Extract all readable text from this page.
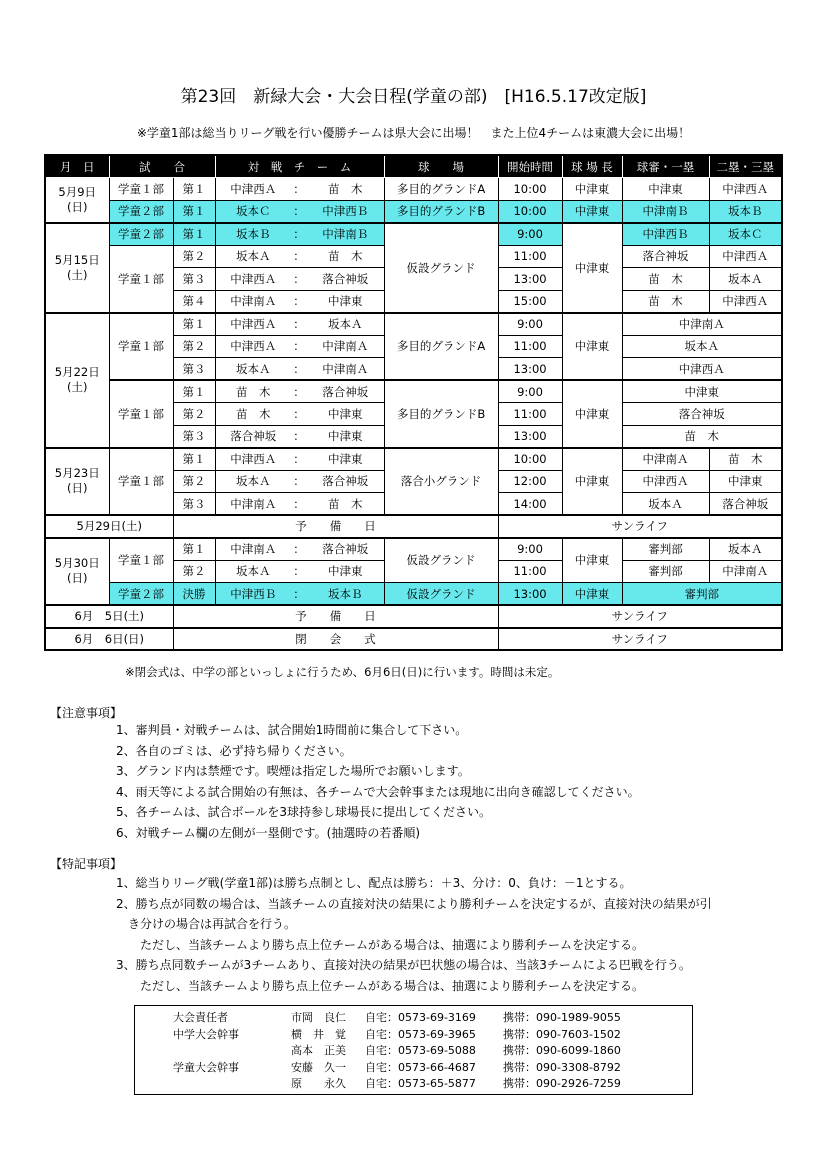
第23回　新緑大会・大会日程(学童の部)　[H16.5.17改定版]
※学童1部は総当りリーグ戦を行い優勝チームは県大会に出場！　また上位4チームは東濃大会に出場！
月　日	試　　合		対　戦　チ　ー　ム			球　　場	開始時間	球 場 長	球審・一塁	二塁・三塁
5月9日
(日)	学童１部	第１	中津西Ａ	：	苗　木	多目的グランドA	10:00	中津東	中津東	中津西Ａ
	学童２部	第１	坂本Ｃ	：	中津西Ｂ	多目的グランドB	10:00	中津東	中津南Ｂ	坂本Ｂ
5月15日
(土)	学童２部	第１	坂本Ｂ	：	中津南Ｂ	仮設グランド	9:00	中津東	中津西Ｂ	坂本Ｃ
	学童１部	第２	坂本Ａ	：	苗　木		11:00		落合神坂	中津西Ａ
		第３	中津西Ａ	：	落合神坂		13:00		苗　木	坂本Ａ
		第４	中津南Ａ	：	中津東		15:00		苗　木	中津西Ａ
5月22日
(土)	学童１部	第１	中津西Ａ	：	坂本Ａ	多目的グランドA	9:00	中津東	中津南Ａ	
		第２	中津西Ａ	：	中津南Ａ		11:00		坂本Ａ	
		第３	坂本Ａ	：	中津南Ａ		13:00		中津西Ａ	
	学童１部	第１	苗　木	：	落合神坂	多目的グランドB	9:00	中津東	中津東	
		第２	苗　木	：	中津東		11:00		落合神坂	
		第３	落合神坂	：	中津東		13:00		苗　木	
5月23日
(日)	学童１部	第１	中津西Ａ	：	中津東	落合小グランド	10:00	中津東	中津南Ａ	苗　木
		第２	坂本Ａ	：	落合神坂		12:00		中津西Ａ	中津東
		第３	中津南Ａ	：	苗　木		14:00		坂本Ａ	落合神坂
5月29日(土)		予　　備　　日					サンライフ			
5月30日
(日)	学童１部	第１	中津南Ａ	：	落合神坂	仮設グランド	9:00	中津東	審判部	坂本Ａ
		第２	坂本Ａ	：	中津東		11:00		審判部	中津南Ａ
	学童２部	決勝	中津西Ｂ	：	坂本Ｂ	仮設グランド	13:00	中津東	審判部	
6月　5日(土)		予　　備　　日					サンライフ			
6月　6日(日)		閉　　会　　式					サンライフ			
※閉会式は、中学の部といっしょに行うため、6月6日(日)に行います。時間は未定。
【注意事項】
1、審判員・対戦チームは、試合開始1時間前に集合して下さい。
2、各自のゴミは、必ず持ち帰りください。
3、グランド内は禁煙です。喫煙は指定した場所でお願いします。
4、雨天等による試合開始の有無は、各チームで大会幹事または現地に出向き確認してください。
5、各チームは、試合ボールを3球持参し球場長に提出してください。
6、対戦チーム欄の左側が一塁側です。(抽選時の若番順)
【特記事項】
1、総当りリーグ戦(学童1部)は勝ち点制とし、配点は勝ち：＋3、分け：0、負け：－1とする。
2、勝ち点が同数の場合は、当該チームの直接対決の結果により勝利チームを決定するが、直接対決の結果が引
　き分けの場合は再試合を行う。
　　ただし、当該チームより勝ち点上位チームがある場合は、抽選により勝利チームを決定する。
3、勝ち点同数チームが3チームあり、直接対決の結果が巴状態の場合は、当該3チームによる巴戦を行う。
　　ただし、当該チームより勝ち点上位チームがある場合は、抽選により勝利チームを決定する。
大会責任者	市岡　良仁	自宅：0573-69-3169	携帯：090-1989-9055
中学大会幹事	横　井　覚	自宅：0573-69-3965	携帯：090-7603-1502
高本　正美	自宅：0573-69-5088	携帯：090-6099-1860
学童大会幹事	安藤　久一	自宅：0573-66-4687	携帯：090-3308-8792
原　　永久	自宅：0573-65-5877	携帯：090-2926-7259
